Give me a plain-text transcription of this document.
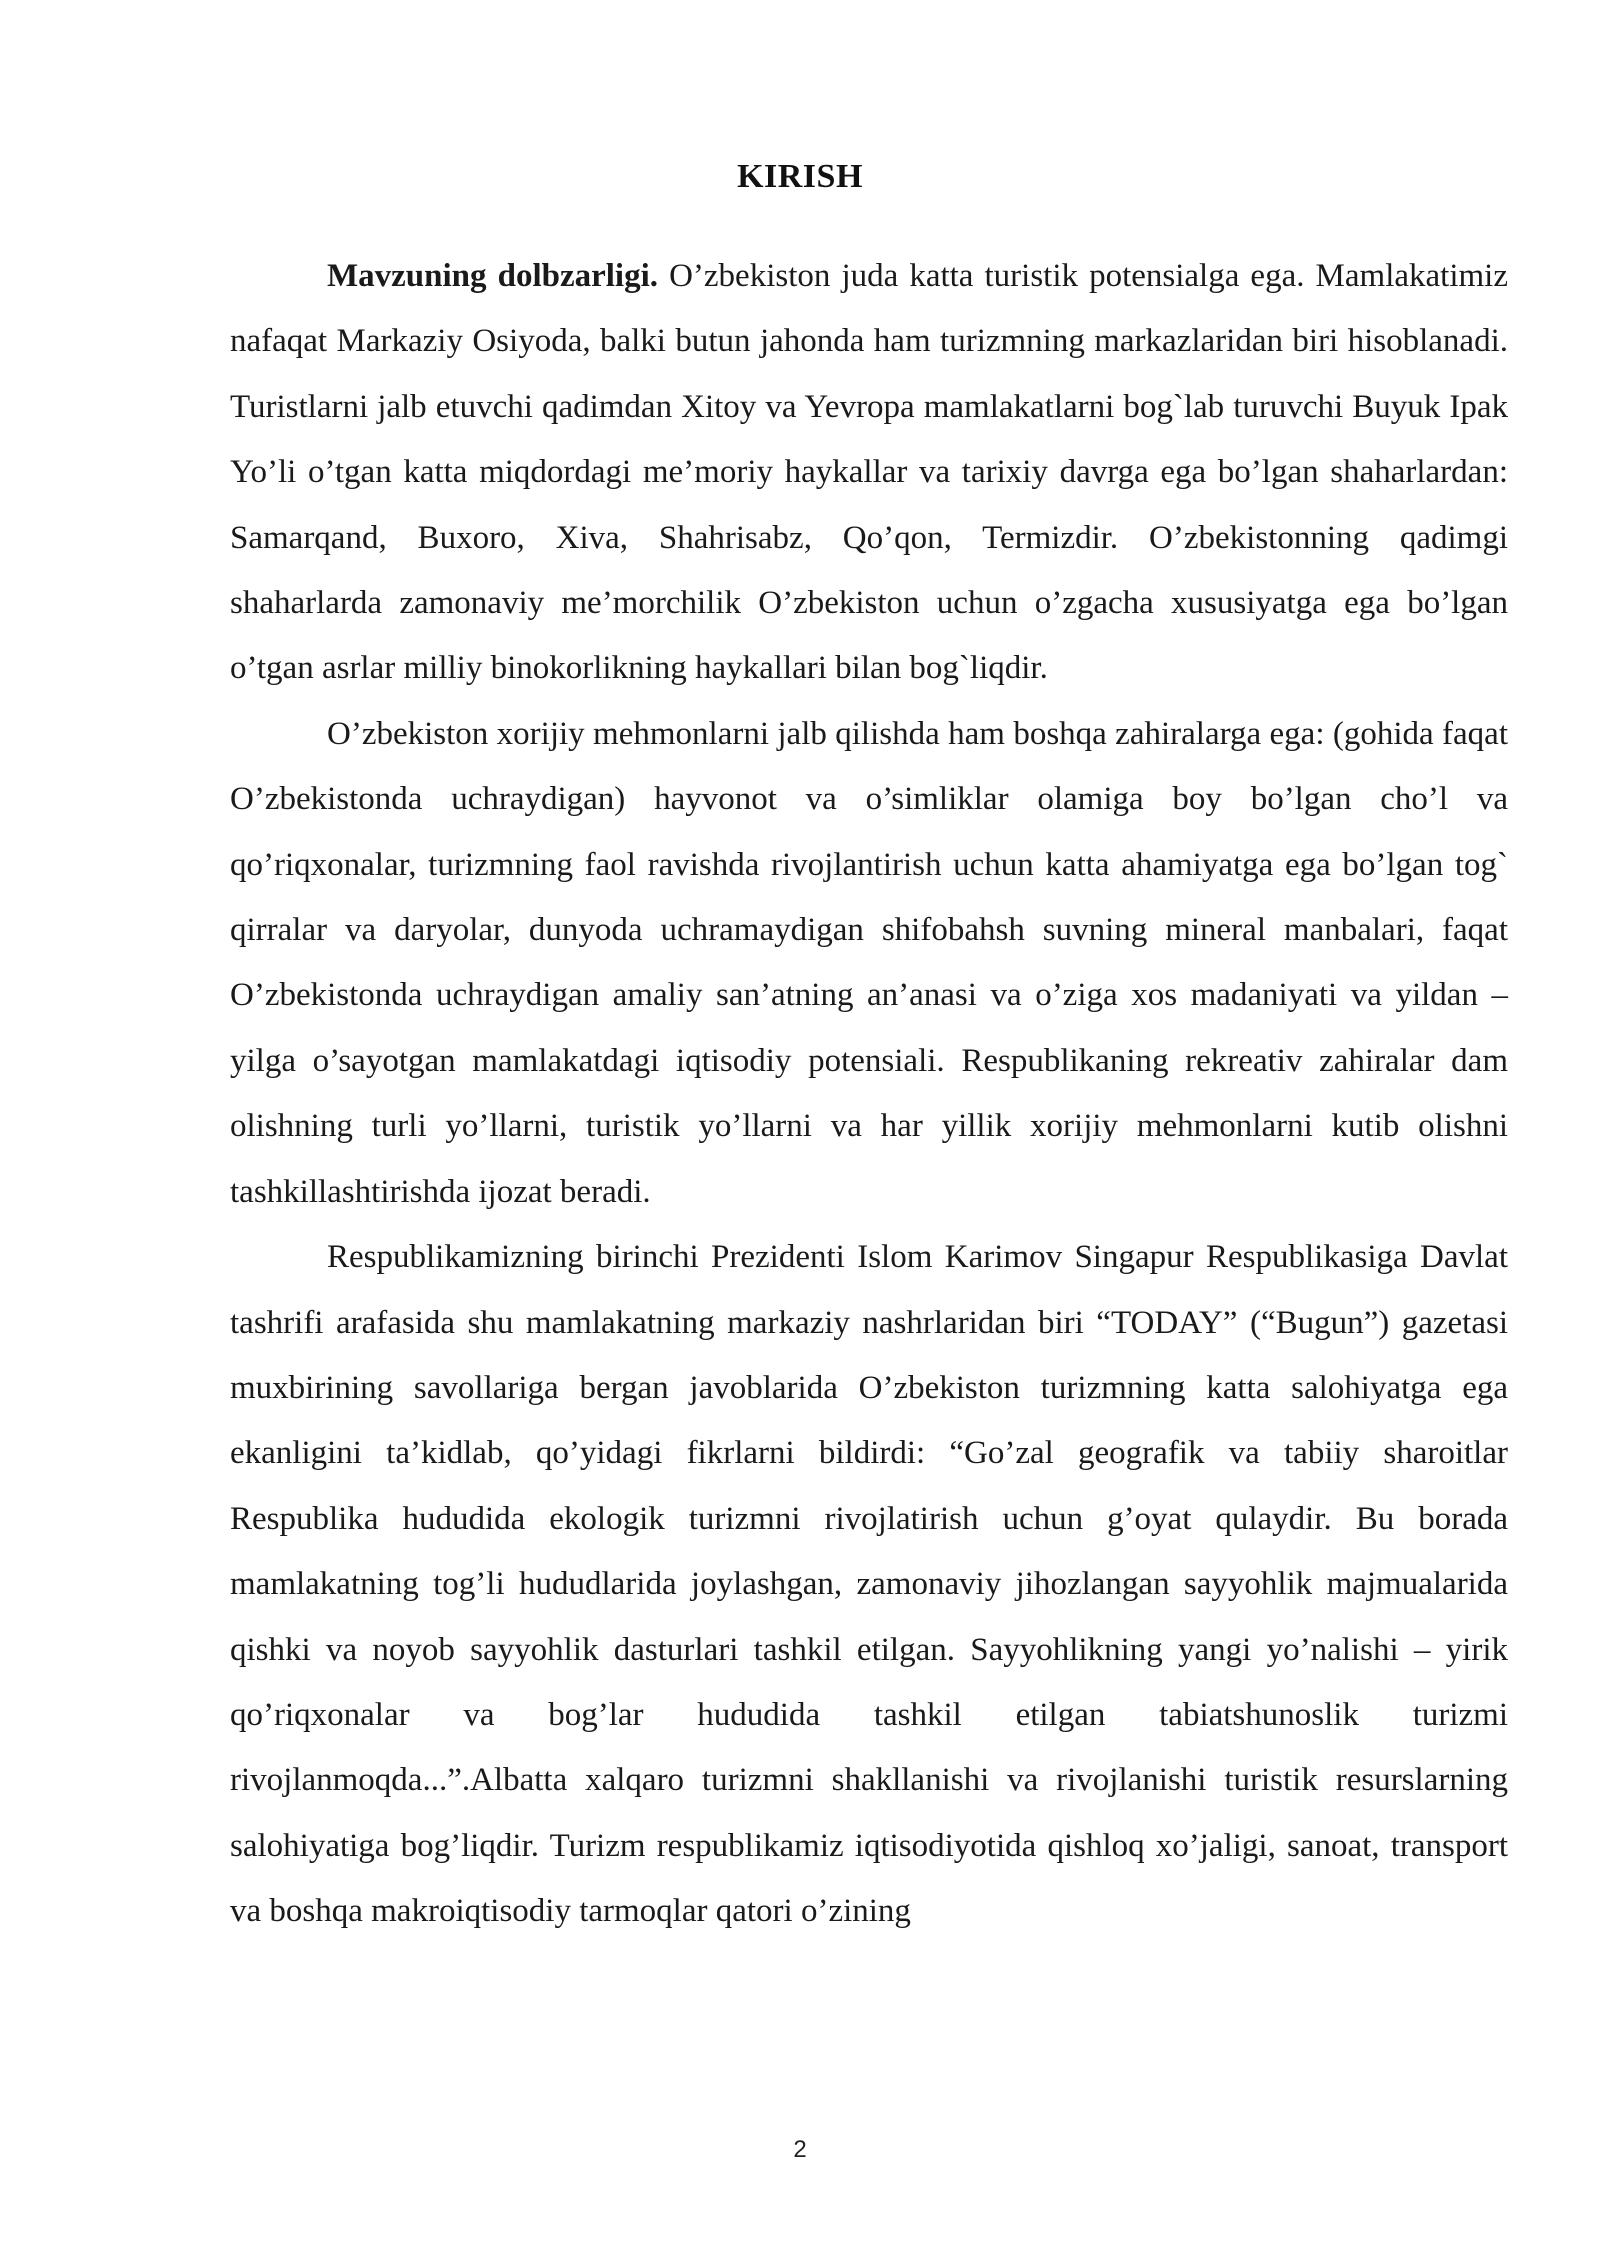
KIRISH

Mavzuning dolbzarligi. O’zbekiston juda katta turistik potensialga ega. Mamlakatimiz nafaqat Markaziy Osiyoda, balki butun jahonda ham turizmning markazlaridan biri hisoblanadi. Turistlarni jalb etuvchi qadimdan Xitoy va Yevropa mamlakatlarni bog`lab turuvchi Buyuk Ipak Yo’li o’tgan katta miqdordagi me’moriy haykallar va tarixiy davrga ega bo’lgan shaharlardan: Samarqand, Buxoro, Xiva, Shahrisabz, Qo’qon, Termizdir. O’zbekistonning qadimgi shaharlarda zamonaviy me’morchilik O’zbekiston uchun o’zgacha xususiyatga ega bo’lgan o’tgan asrlar milliy binokorlikning haykallari bilan bog`liqdir.

O’zbekiston xorijiy mehmonlarni jalb qilishda ham boshqa zahiralarga ega: (gohida faqat O’zbekistonda uchraydigan) hayvonot va o’simliklar olamiga boy bo’lgan cho’l va qo’riqxonalar, turizmning faol ravishda rivojlantirish uchun katta ahamiyatga ega bo’lgan tog` qirralar va daryolar, dunyoda uchramaydigan shifobahsh suvning mineral manbalari, faqat O’zbekistonda uchraydigan amaliy san’atning an’anasi va o’ziga xos madaniyati va yildan – yilga o’sayotgan mamlakatdagi iqtisodiy potensiali. Respublikaning rekreativ zahiralar dam olishning turli yo’llarni, turistik yo’llarni va har yillik xorijiy mehmonlarni kutib olishni tashkillashtirishda ijozat beradi.

Respublikamizning birinchi Prezidenti Islom Karimov Singapur Respublikasiga Davlat tashrifi arafasida shu mamlakatning markaziy nashrlaridan biri “TODAY” (“Bugun”) gazetasi muxbirining savollariga bergan javoblarida O’zbekiston turizmning katta salohiyatga ega ekanligini ta’kidlab, qo’yidagi fikrlarni bildirdi: “Go’zal geografik va tabiiy sharoitlar Respublika hududida ekologik turizmni rivojlatirish uchun g’oyat qulaydir. Bu borada mamlakatning tog’li hududlarida joylashgan, zamonaviy jihozlangan sayyohlik majmualarida qishki va noyob sayyohlik dasturlari tashkil etilgan. Sayyohlikning yangi yo’nalishi – yirik qo’riqxonalar va bog’lar hududida tashkil etilgan tabiatshunoslik turizmi rivojlanmoqda...”.Albatta xalqaro turizmni shakllanishi va rivojlanishi turistik resurslarning salohiyatiga bog’liqdir. Turizm respublikamiz iqtisodiyotida qishloq xo’jaligi, sanoat, transport va boshqa makroiqtisodiy tarmoqlar qatori o’zining

2
